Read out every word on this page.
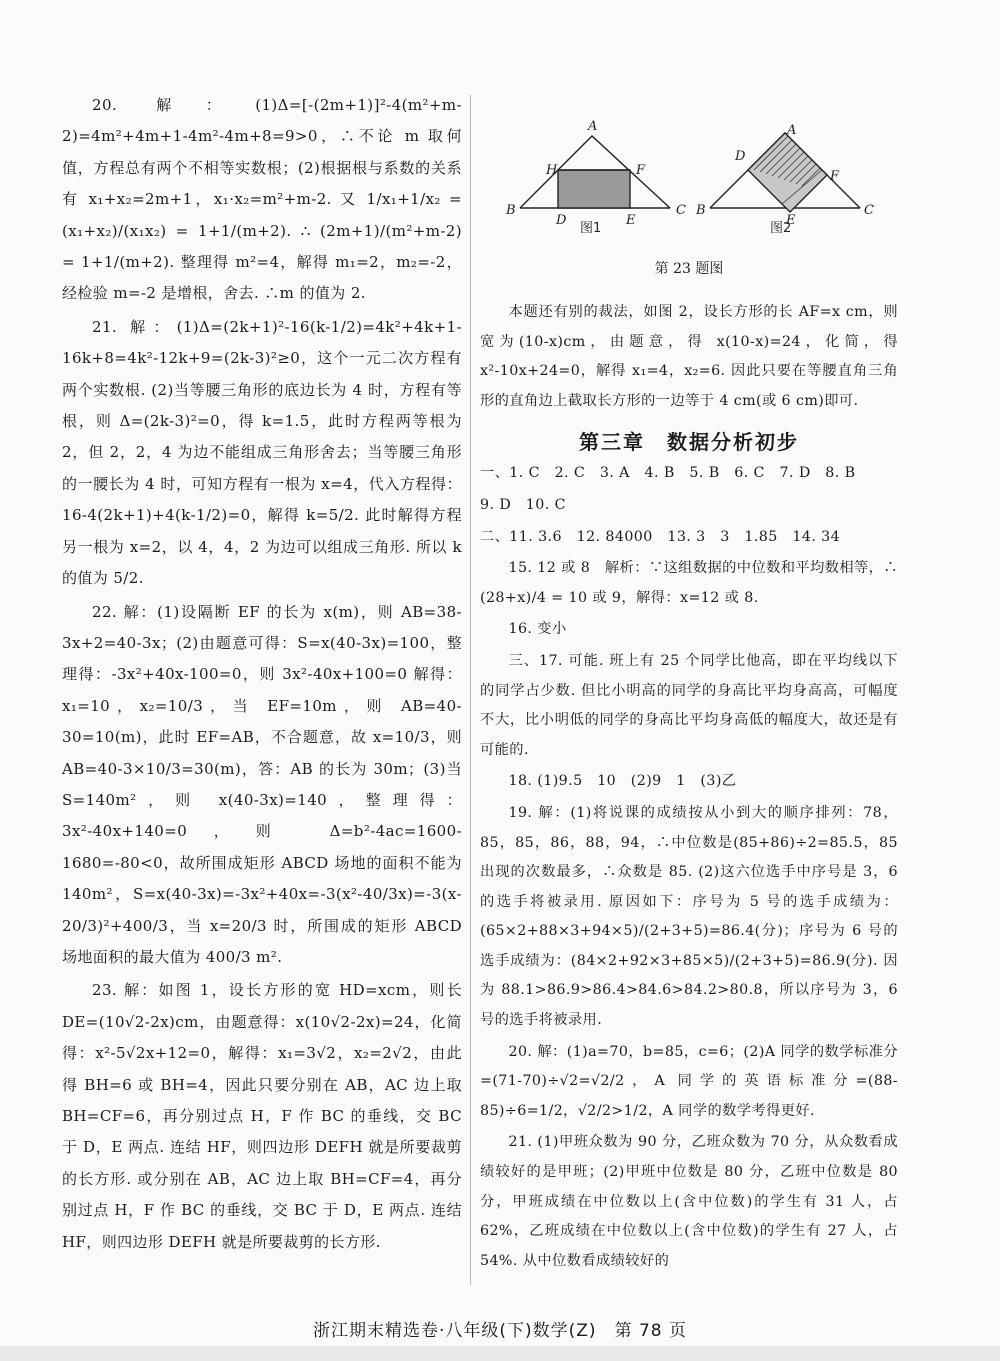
20. 解：(1)Δ=[-(2m+1)]²-4(m²+m-2)=4m²+4m+1-4m²-4m+8=9>0，∴不论 m 取何值，方程总有两个不相等实数根；(2)根据根与系数的关系有 x₁+x₂=2m+1，x₁·x₂=m²+m-2. 又 1/x₁+1/x₂ = (x₁+x₂)/(x₁x₂) = 1+1/(m+2). ∴ (2m+1)/(m²+m-2) = 1+1/(m+2). 整理得 m²=4，解得 m₁=2，m₂=-2，经检验 m=-2 是增根，舍去. ∴m 的值为 2.

21. 解：(1)Δ=(2k+1)²-16(k-1/2)=4k²+4k+1-16k+8=4k²-12k+9=(2k-3)²≥0，这个一元二次方程有两个实数根. (2)当等腰三角形的底边长为 4 时，方程有等根，则 Δ=(2k-3)²=0，得 k=1.5，此时方程两等根为 2，但 2，2，4 为边不能组成三角形舍去；当等腰三角形的一腰长为 4 时，可知方程有一根为 x=4，代入方程得：16-4(2k+1)+4(k-1/2)=0，解得 k=5/2. 此时解得方程另一根为 x=2，以 4，4，2 为边可以组成三角形. 所以 k 的值为 5/2.

22. 解：(1)设隔断 EF 的长为 x(m)，则 AB=38-3x+2=40-3x；(2)由题意可得：S=x(40-3x)=100，整理得：-3x²+40x-100=0，则 3x²-40x+100=0 解得：x₁=10，x₂=10/3，当 EF=10m，则 AB=40-30=10(m)，此时 EF=AB，不合题意，故 x=10/3，则 AB=40-3×10/3=30(m)，答：AB 的长为 30m；(3)当 S=140m²，则 x(40-3x)=140，整理得：3x²-40x+140=0，则 Δ=b²-4ac=1600-1680=-80<0，故所围成矩形 ABCD 场地的面积不能为 140m²，S=x(40-3x)=-3x²+40x=-3(x²-40/3x)=-3(x-20/3)²+400/3，当 x=20/3 时，所围成的矩形 ABCD 场地面积的最大值为 400/3 m².

23. 解：如图 1，设长方形的宽 HD=xcm，则长 DE=(10√2-2x)cm，由题意得：x(10√2-2x)=24，化简得：x²-5√2x+12=0，解得：x₁=3√2，x₂=2√2，由此得 BH=6 或 BH=4，因此只要分别在 AB，AC 边上取 BH=CF=6，再分别过点 H，F 作 BC 的垂线，交 BC 于 D，E 两点. 连结 HF，则四边形 DEFH 就是所要裁剪的长方形. 或分别在 AB，AC 边上取 BH=CF=4，再分别过点 H，F 作 BC 的垂线，交 BC 于 D，E 两点. 连结 HF，则四边形 DEFH 就是所要裁剪的长方形.

A
H	F
B
D	E
C
A
D
F
B
E
C
图1	图2
第 23 题图

本题还有别的裁法，如图 2，设长方形的长 AF=x cm，则宽为(10-x)cm，由题意，得 x(10-x)=24，化简，得 x²-10x+24=0，解得 x₁=4，x₂=6. 因此只要在等腰直角三角形的直角边上截取长方形的一边等于 4 cm(或 6 cm)即可.

第三章　数据分析初步

一、1. C　2. C　3. A　4. B　5. B　6. C　7. D　8. B

9. D　10. C

二、11. 3.6　12. 84000　13. 3　3　1.85　14. 34

15. 12 或 8　解析：∵这组数据的中位数和平均数相等，∴ (28+x)/4 = 10 或 9，解得：x=12 或 8.

16. 变小

三、17. 可能. 班上有 25 个同学比他高，即在平均线以下的同学占少数. 但比小明高的同学的身高比平均身高高，可幅度不大，比小明低的同学的身高比平均身高低的幅度大，故还是有可能的.

18. (1)9.5　10　(2)9　1　(3)乙

19. 解：(1)将说课的成绩按从小到大的顺序排列：78，85，85，86，88，94，∴中位数是(85+86)÷2=85.5，85 出现的次数最多，∴众数是 85. (2)这六位选手中序号是 3，6 的选手将被录用. 原因如下：序号为 5 号的选手成绩为：(65×2+88×3+94×5)/(2+3+5)=86.4(分)；序号为 6 号的选手成绩为：(84×2+92×3+85×5)/(2+3+5)=86.9(分). 因为 88.1>86.9>86.4>84.6>84.2>80.8，所以序号为 3，6 号的选手将被录用.

20. 解：(1)a=70，b=85，c=6；(2)A 同学的数学标准分=(71-70)÷√2=√2/2，A 同学的英语标准分=(88-85)÷6=1/2，√2/2>1/2，A 同学的数学考得更好.

21. (1)甲班众数为 90 分，乙班众数为 70 分，从众数看成绩较好的是甲班；(2)甲班中位数是 80 分，乙班中位数是 80 分，甲班成绩在中位数以上(含中位数)的学生有 31 人，占 62%，乙班成绩在中位数以上(含中位数)的学生有 27 人，占 54%. 从中位数看成绩较好的

浙江期末精选卷·八年级(下)数学(Z)　第 78 页
